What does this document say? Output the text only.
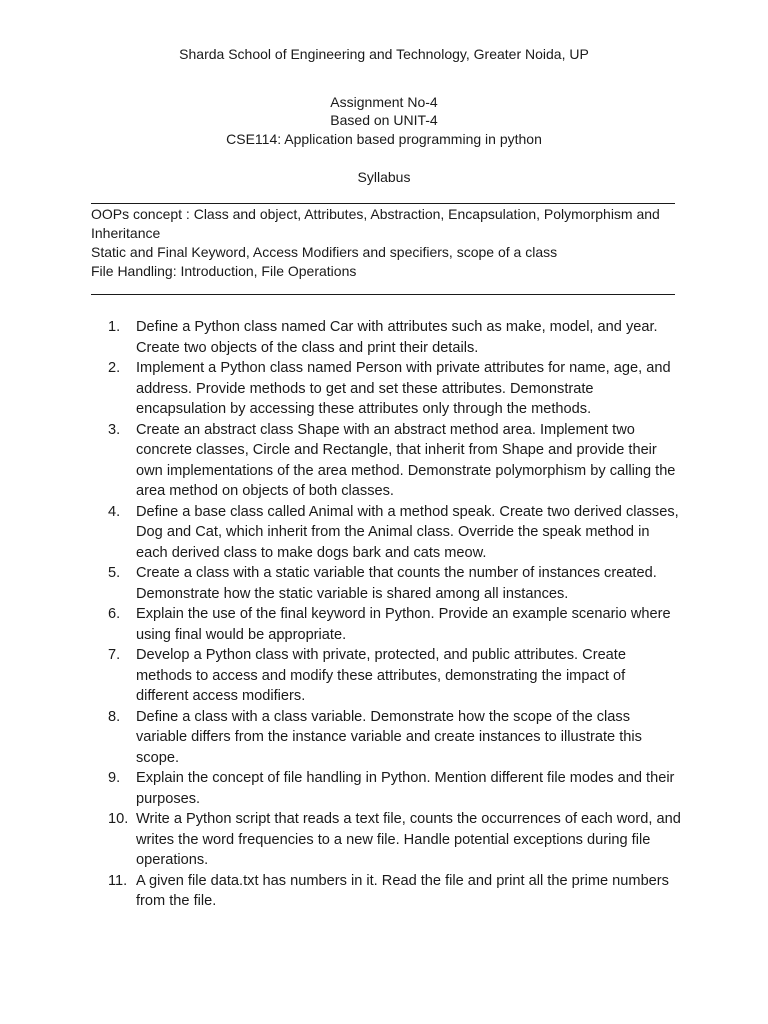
Sharda School of Engineering and Technology, Greater Noida, UP
Assignment No-4
Based on UNIT-4
CSE114: Application based programming in python
Syllabus

OOPs concept : Class and object, Attributes, Abstraction, Encapsulation, Polymorphism and Inheritance

Static and Final Keyword, Access Modifiers and specifiers, scope of a class

File Handling: Introduction, File Operations

1.	Define a Python class named Car with attributes such as make, model, and year. Create two objects of the class and print their details.
2.	Implement a Python class named Person with private attributes for name, age, and address. Provide methods to get and set these attributes. Demonstrate encapsulation by accessing these attributes only through the methods.
3.	Create an abstract class Shape with an abstract method area. Implement two concrete classes, Circle and Rectangle, that inherit from Shape and provide their own implementations of the area method. Demonstrate polymorphism by calling the area method on objects of both classes.
4.	Define a base class called Animal with a method speak. Create two derived classes, Dog and Cat, which inherit from the Animal class. Override the speak method in each derived class to make dogs bark and cats meow.
5.	Create a class with a static variable that counts the number of instances created. Demonstrate how the static variable is shared among all instances.
6.	Explain the use of the final keyword in Python. Provide an example scenario where using final would be appropriate.
7.	Develop a Python class with private, protected, and public attributes. Create methods to access and modify these attributes, demonstrating the impact of different access modifiers.
8.	Define a class with a class variable. Demonstrate how the scope of the class variable differs from the instance variable and create instances to illustrate this scope.
9.	Explain the concept of file handling in Python. Mention different file modes and their purposes.
10. Write a Python script that reads a text file, counts the occurrences of each word, and writes the word frequencies to a new file. Handle potential exceptions during file operations.
11. A given file data.txt has numbers in it. Read the file and print all the prime numbers from the file.
